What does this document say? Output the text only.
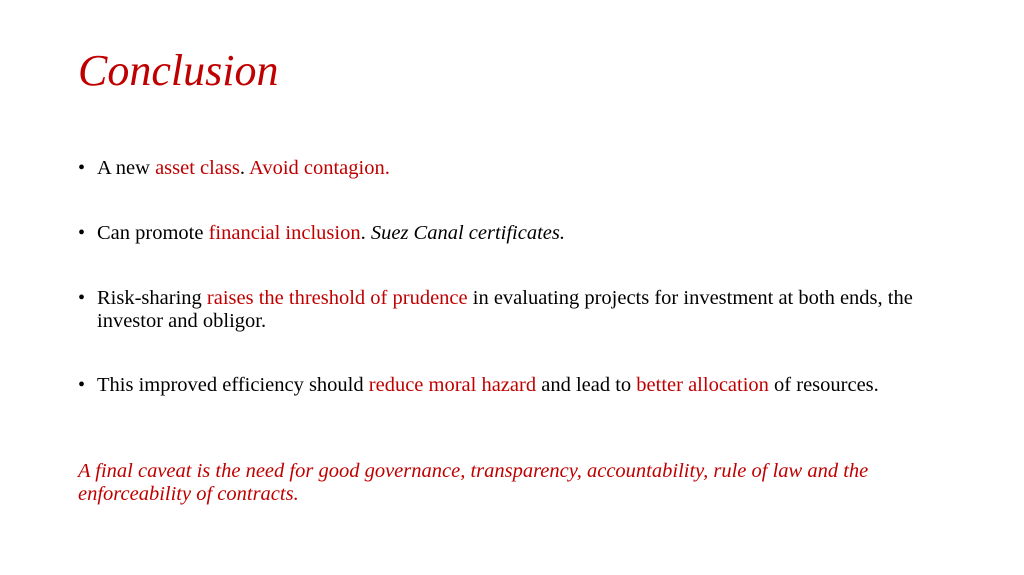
Conclusion
• A new asset class. Avoid contagion.
• Can promote financial inclusion. Suez Canal certificates.
• Risk-sharing raises the threshold of prudence in evaluating projects for investment at both ends, the investor and obligor.
• This improved efficiency should reduce moral hazard and lead to better allocation of resources.

A final caveat is the need for good governance, transparency, accountability, rule of law and the enforceability of contracts.
